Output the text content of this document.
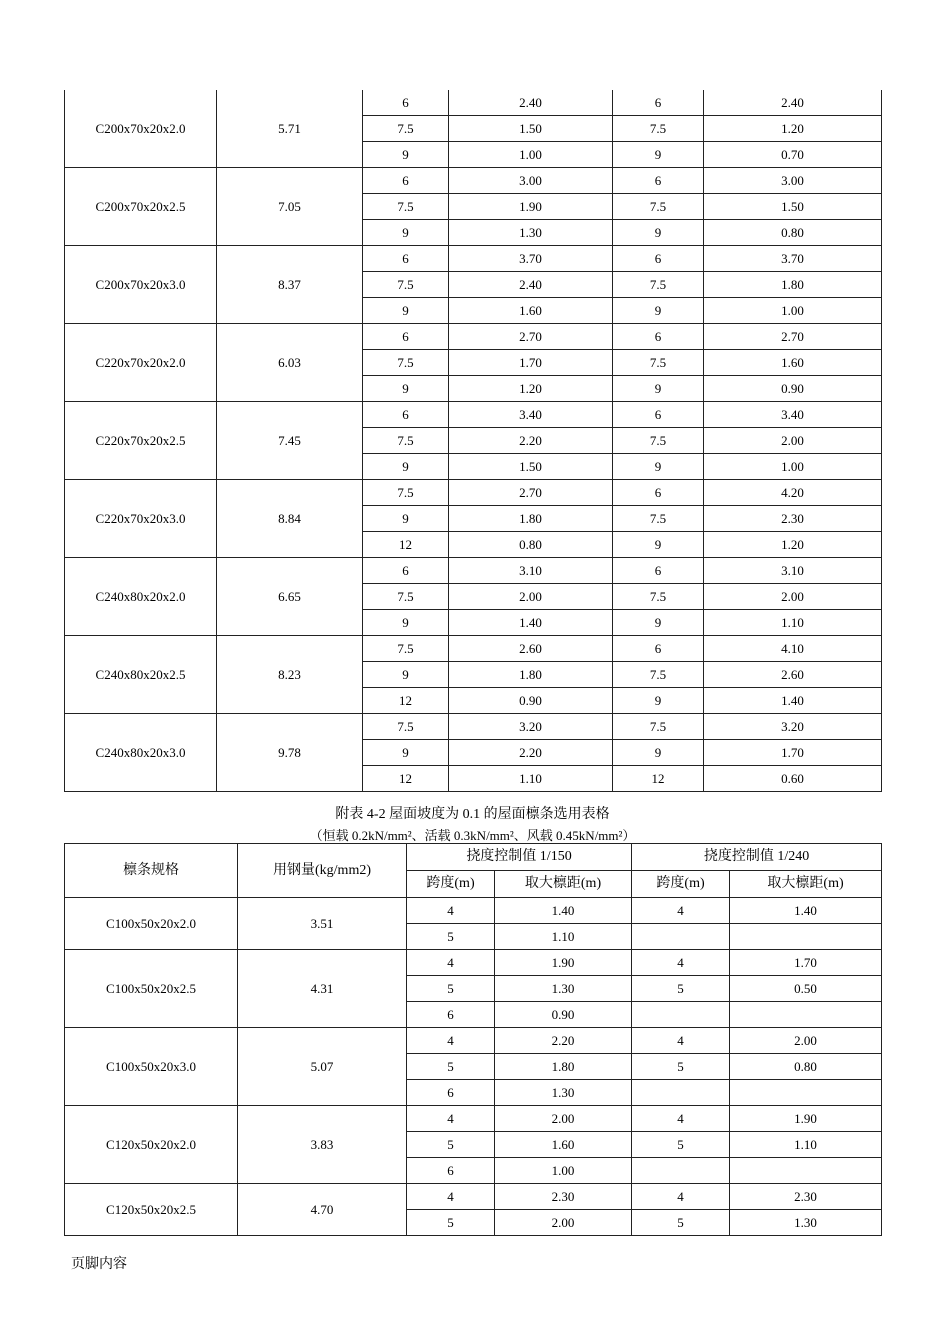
C200x70x20x2.0	5.71	6	2.40	6	2.40
		7.5	1.50	7.5	1.20
		9	1.00	9	0.70
C200x70x20x2.5	7.05	6	3.00	6	3.00
		7.5	1.90	7.5	1.50
		9	1.30	9	0.80
C200x70x20x3.0	8.37	6	3.70	6	3.70
		7.5	2.40	7.5	1.80
		9	1.60	9	1.00
C220x70x20x2.0	6.03	6	2.70	6	2.70
		7.5	1.70	7.5	1.60
		9	1.20	9	0.90
C220x70x20x2.5	7.45	6	3.40	6	3.40
		7.5	2.20	7.5	2.00
		9	1.50	9	1.00
C220x70x20x3.0	8.84	7.5	2.70	6	4.20
		9	1.80	7.5	2.30
		12	0.80	9	1.20
C240x80x20x2.0	6.65	6	3.10	6	3.10
		7.5	2.00	7.5	2.00
		9	1.40	9	1.10
C240x80x20x2.5	8.23	7.5	2.60	6	4.10
		9	1.80	7.5	2.60
		12	0.90	9	1.40
C240x80x20x3.0	9.78	7.5	3.20	7.5	3.20
		9	2.20	9	1.70
		12	1.10	12	0.60
附表 4-2 屋面坡度为 0.1 的屋面檩条选用表格
（恒载 0.2kN/mm²、活载 0.3kN/mm²、风载 0.45kN/mm²）
檩条规格	用钢量(kg/mm2)	挠度控制值 1/150		挠度控制值 1/240	
		跨度(m)	取大檩距(m)	跨度(m)	取大檩距(m)
C100x50x20x2.0	3.51	4	1.40	4	1.40
		5	1.10		
C100x50x20x2.5	4.31	4	1.90	4	1.70
		5	1.30	5	0.50
		6	0.90		
C100x50x20x3.0	5.07	4	2.20	4	2.00
		5	1.80	5	0.80
		6	1.30		
C120x50x20x2.0	3.83	4	2.00	4	1.90
		5	1.60	5	1.10
		6	1.00		
C120x50x20x2.5	4.70	4	2.30	4	2.30
		5	2.00	5	1.30
页脚内容
